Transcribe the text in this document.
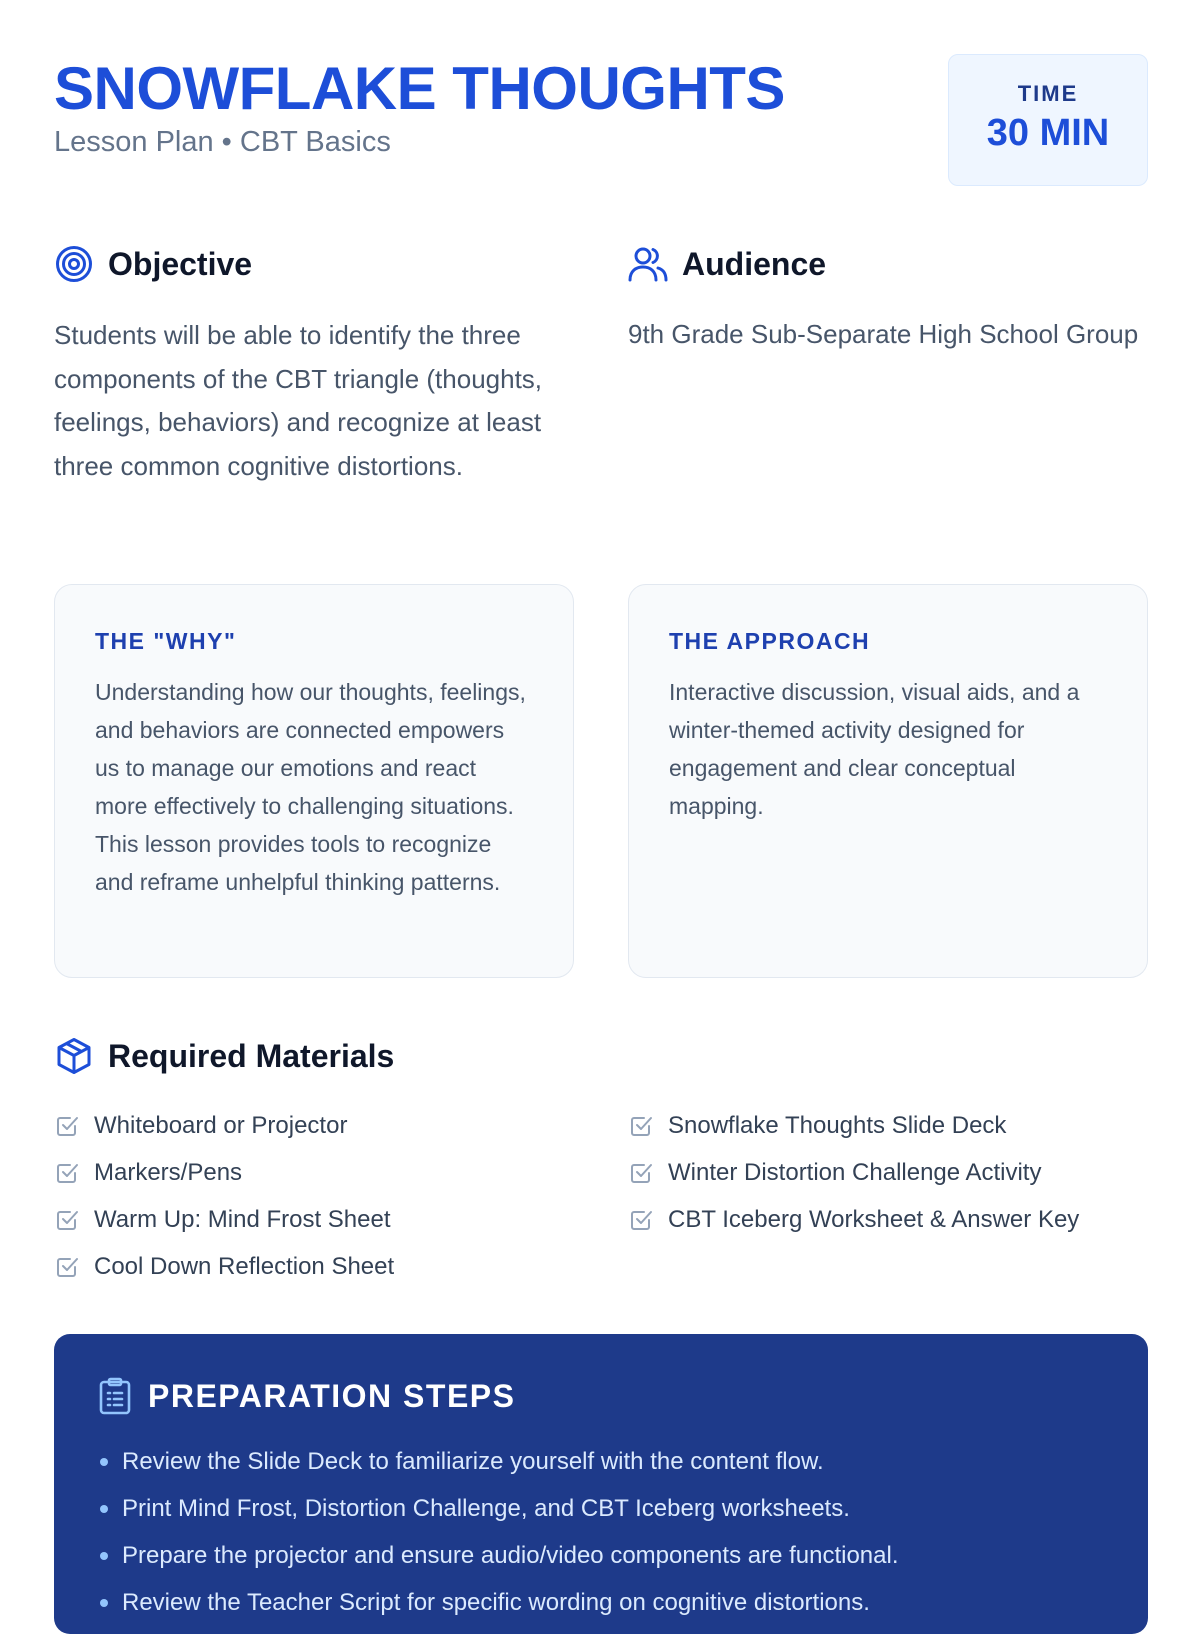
SNOWFLAKE THOUGHTS
Lesson Plan • CBT Basics
TIME
30 MIN
Objective

Students will be able to identify the three components of the CBT triangle (thoughts, feelings, behaviors) and recognize at least three common cognitive distortions.

Audience

9th Grade Sub-Separate High School Group

THE "WHY"

Understanding how our thoughts, feelings, and behaviors are connected empowers us to manage our emotions and react more effectively to challenging situations. This lesson provides tools to recognize and reframe unhelpful thinking patterns.

THE APPROACH

Interactive discussion, visual aids, and a winter-themed activity designed for engagement and clear conceptual mapping.

Required Materials
Whiteboard or Projector
Markers/Pens
Warm Up: Mind Frost Sheet
Cool Down Reflection Sheet
Snowflake Thoughts Slide Deck
Winter Distortion Challenge Activity
CBT Iceberg Worksheet & Answer Key
PREPARATION STEPS
Review the Slide Deck to familiarize yourself with the content flow.
Print Mind Frost, Distortion Challenge, and CBT Iceberg worksheets.
Prepare the projector and ensure audio/video components are functional.
Review the Teacher Script for specific wording on cognitive distortions.
